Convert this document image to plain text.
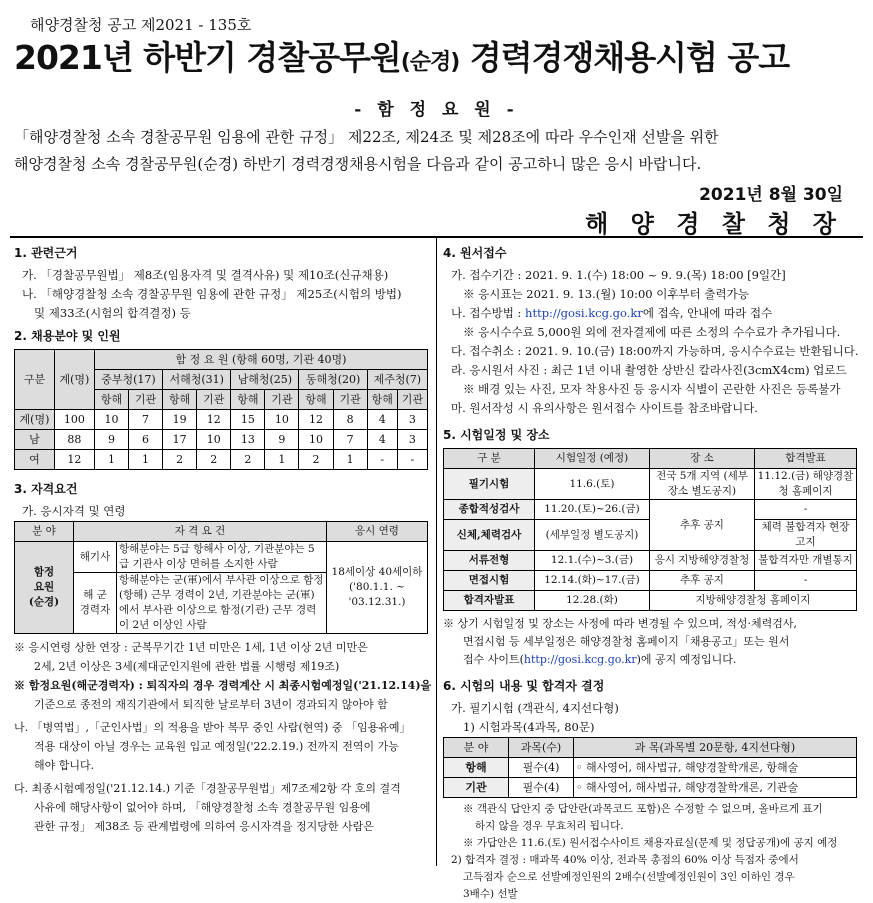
해양경찰청 공고 제2021 - 135호
2021년 하반기 경찰공무원(순경) 경력경쟁채용시험 공고
- 함 정 요 원 -
「해양경찰청 소속 경찰공무원 임용에 관한 규정」 제22조, 제24조 및 제28조에 따라 우수인재 선발을 위한
해양경찰청 소속 경찰공무원(순경) 하반기 경력경쟁채용시험을 다음과 같이 공고하니 많은 응시 바랍니다.
2021년 8월 30일
해 양 경 찰 청 장
1. 관련근거
가. 「경찰공무원법」 제8조(임용자격 및 결격사유) 및 제10조(신규채용)
나. 「해양경찰청 소속 경찰공무원 임용에 관한 규정」 제25조(시험의 방법)
및 제33조(시험의 합격결정) 등
2. 채용분야 및 인원
구분	계(명)	함 정 요 원 (항해 60명, 기관 40명)									
		중부청(17)		서해청(31)		남해청(25)		동해청(20)		제주청(7)	
		항해	기관	항해	기관	항해	기관	항해	기관	항해	기관
계(명)	100	10	7	19	12	15	10	12	8	4	3
남	88	9	6	17	10	13	9	10	7	4	3
여	12	1	1	2	2	2	1	2	1	-	-
3. 자격요건
가. 응시자격 및 연령
분 야	자 격 요 건		응시 연령
함정
요원
(순경)	해기사	항해분야는 5급 항해사 이상, 기관분야는 5급 기관사 이상 면허를 소지한 사람	18세이상 40세이하 ('80.1.1. ~ '03.12.31.)
	해 군
경력자	항해분야는 군(軍)에서 부사관 이상으로 함정(항해) 근무 경력이 2년, 기관분야는 군(軍)에서 부사관 이상으로 함정(기관) 근무 경력이 2년 이상인 사람	
※ 응시연령 상한 연장 : 군복무기간 1년 미만은 1세, 1년 이상 2년 미만은
2세, 2년 이상은 3세(제대군인지원에 관한 법률 시행령 제19조)
※ 함정요원(해군경력자) : 퇴직자의 경우 경력계산 시 최종시험예정일('21.12.14)을
기준으로 종전의 재직기관에서 퇴직한 날로부터 3년이 경과되지 않아야 함
나. 「병역법」,「군인사법」의 적용을 받아 복무 중인 사람(현역) 중 「임용유예」
적용 대상이 아닐 경우는 교육원 입교 예정일('22.2.19.) 전까지 전역이 가능
해야 합니다.
다. 최종시험예정일('21.12.14.) 기준「경찰공무원법」제7조제2항 각 호의 결격
사유에 해당사항이 없어야 하며, 「해양경찰청 소속 경찰공무원 임용에
관한 규정」 제38조 등 관계법령에 의하여 응시자격을 정지당한 사람은
4. 원서접수
가. 접수기간 : 2021. 9. 1.(수) 18:00 ~ 9. 9.(목) 18:00 [9일간]
※ 응시표는 2021. 9. 13.(월) 10:00 이후부터 출력가능
나. 접수방법 : http://gosi.kcg.go.kr에 접속, 안내에 따라 접수
※ 응시수수료 5,000원 외에 전자결제에 따른 소정의 수수료가 추가됩니다.
다. 접수취소 : 2021. 9. 10.(금) 18:00까지 가능하며, 응시수수료는 반환됩니다.
라. 응시원서 사진 : 최근 1년 이내 촬영한 상반신 칼라사진(3cmX4cm) 업로드
※ 배경 있는 사진, 모자 착용사진 등 응시자 식별이 곤란한 사진은 등록불가
마. 원서작성 시 유의사항은 원서접수 사이트를 참조바랍니다.
5. 시험일정 및 장소
구 분	시험일정 (예정)	장 소	합격발표
필기시험	11.6.(토)	전국 5개 지역 (세부장소 별도공지)	11.12.(금) 해양경찰청 홈페이지
종합적성검사	11.20.(토)~26.(금)	추후 공지	-
신체,체력검사	(세부일정 별도공지)		체력 불합격자 현장고지
서류전형	12.1.(수)~3.(금)	응시 지방해양경찰청	불합격자만 개별통지
면접시험	12.14.(화)~17.(금)	추후 공지	-
합격자발표	12.28.(화)	지방해양경찰청 홈페이지	
※ 상기 시험일정 및 장소는 사정에 따라 변경될 수 있으며, 적성·체력검사,
면접시험 등 세부일정은 해양경찰청 홈페이지「채용공고」또는 원서
접수 사이트(http://gosi.kcg.go.kr)에 공지 예정입니다.
6. 시험의 내용 및 합격자 결정
가. 필기시험 (객관식, 4지선다형)
1) 시험과목(4과목, 80문)
분 야	과목(수)	과 목(과목별 20문항, 4지선다형)
항해	필수(4)	◦ 해사영어, 해사법규, 해양경찰학개론, 항해술
기관	필수(4)	◦ 해사영어, 해사법규, 해양경찰학개론, 기관술
※ 객관식 답안지 중 답안란(과목코드 포함)은 수정할 수 없으며, 올바르게 표기
하지 않을 경우 무효처리 됩니다.
※ 가답안은 11.6.(토) 원서접수사이트 채용자료실(문제 및 정답공개)에 공지 예정
2) 합격자 결정 : 매과목 40% 이상, 전과목 총점의 60% 이상 득점자 중에서
고득점자 순으로 선발예정인원의 2배수(선발예정인원이 3인 이하인 경우
3배수) 선발
